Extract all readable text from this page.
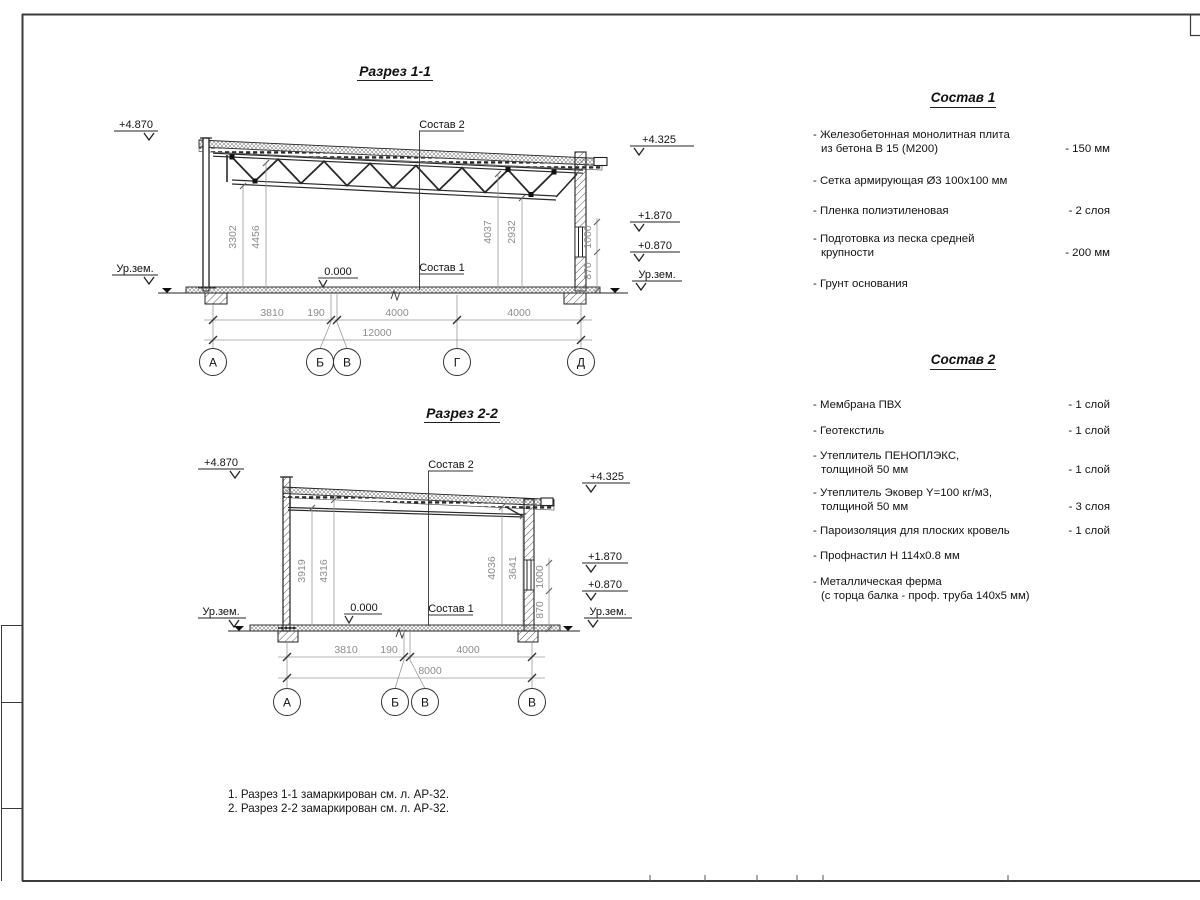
Состав 2
Состав 1
0.000
+4.870
Ур.зем.
+4.325
+1.870
+0.870
Ур.зем.
3302 4456	4037 2932	1000
870
3810 190	4000	4000
12000
А	Б В	Г	Д
Состав 2
Состав 1
0.000
+4.870
Ур.зем.
+4.325
+1.870
+0.870
Ур.зем.
3919 4316	4036 3641 1000
870
3810 190	4000
8000
А	Б В	В
Разрез 1-1
Разрез 2-2
Состав 1
- Железобетонная монолитная плита
из бетона В 15 (М200)	- 150 мм
- Сетка армирующая Ø3 100x100 мм
- Пленка полиэтиленовая	- 2 слоя
- Подготовка из песка средней
крупности	- 200 мм
- Грунт основания
Состав 2
- Мембрана ПВХ	- 1 слой
- Геотекстиль	- 1 слой
- Утеплитель ПЕНОПЛЭКС,
толщиной 50 мм	- 1 слой
- Утеплитель Эковер Y=100 кг/м3,
толщиной 50 мм	- 3 слоя
- Пароизоляция для плоских кровель	- 1 слой
- Профнастил Н 114x0.8 мм
- Металлическая ферма
(с торца балка - проф. труба 140x5 мм)
1. Разрез 1-1 замаркирован см. л. АР-32.
2. Разрез 2-2 замаркирован см. л. АР-32.
